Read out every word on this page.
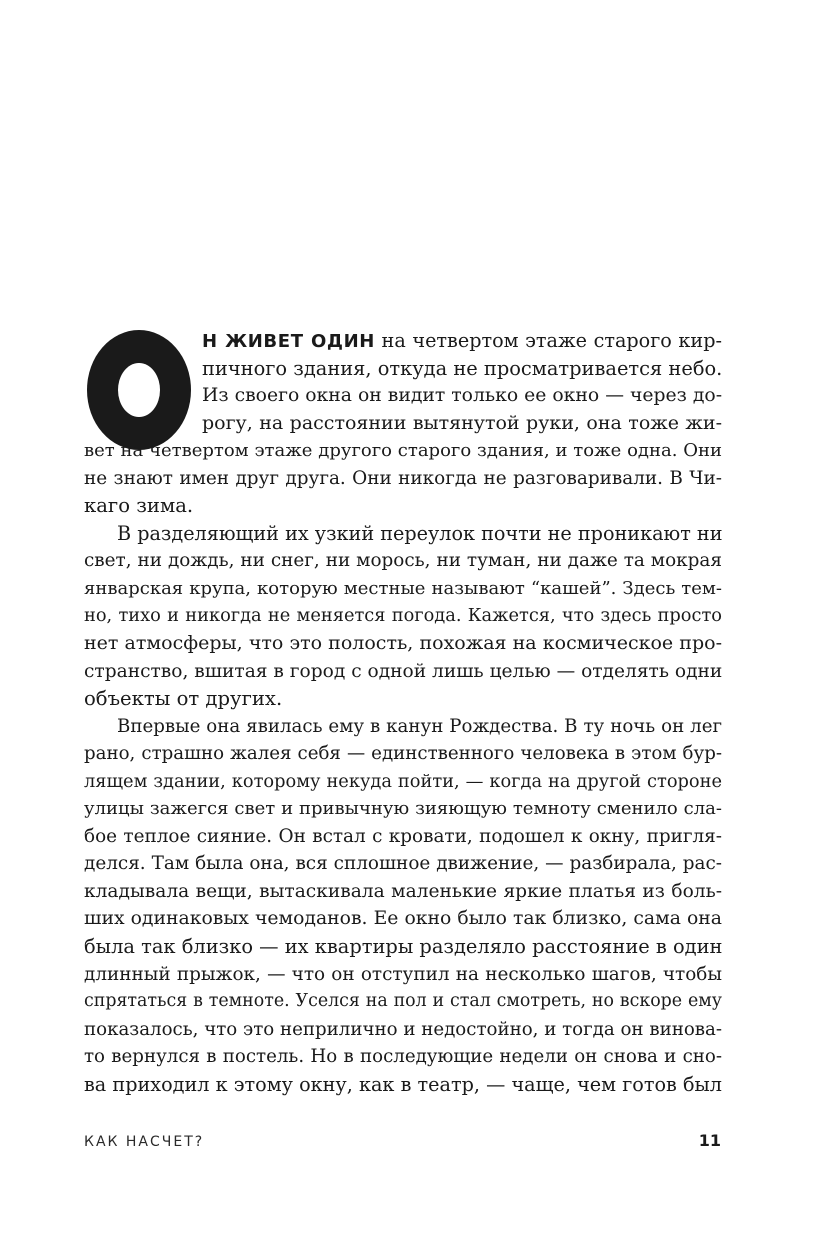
Н ЖИВЕТ ОДИН на четвертом этаже старого кир-
пичного здания, откуда не просматривается небо.
Из своего окна он видит только ее окно — через до-
рогу, на расстоянии вытянутой руки, она тоже жи-
вет на четвертом этаже другого старого здания, и тоже одна. Они
не знают имен друг друга. Они никогда не разговаривали. В Чи-
каго зима.
В разделяющий их узкий переулок почти не проникают ни
свет, ни дождь, ни снег, ни морось, ни туман, ни даже та мокрая
январская крупа, которую местные называют “кашей”. Здесь тем-
но, тихо и никогда не меняется погода. Кажется, что здесь просто
нет атмосферы, что это полость, похожая на космическое про-
странство, вшитая в город с одной лишь целью — отделять одни
объекты от других.
Впервые она явилась ему в канун Рождества. В ту ночь он лег
рано, страшно жалея себя — единственного человека в этом бур-
лящем здании, которому некуда пойти, — когда на другой стороне
улицы зажегся свет и привычную зияющую темноту сменило сла-
бое теплое сияние. Он встал с кровати, подошел к окну, пригля-
делся. Там была она, вся сплошное движение, — разбирала, рас-
кладывала вещи, вытаскивала маленькие яркие платья из боль-
ших одинаковых чемоданов. Ее окно было так близко, сама она
была так близко — их квартиры разделяло расстояние в один
длинный прыжок, — что он отступил на несколько шагов, чтобы
спрятаться в темноте. Уселся на пол и стал смотреть, но вскоре ему
показалось, что это неприлично и недостойно, и тогда он винова-
то вернулся в постель. Но в последующие недели он снова и сно-
ва приходил к этому окну, как в театр, — чаще, чем готов был
КАК НАСЧЕТ?	11
